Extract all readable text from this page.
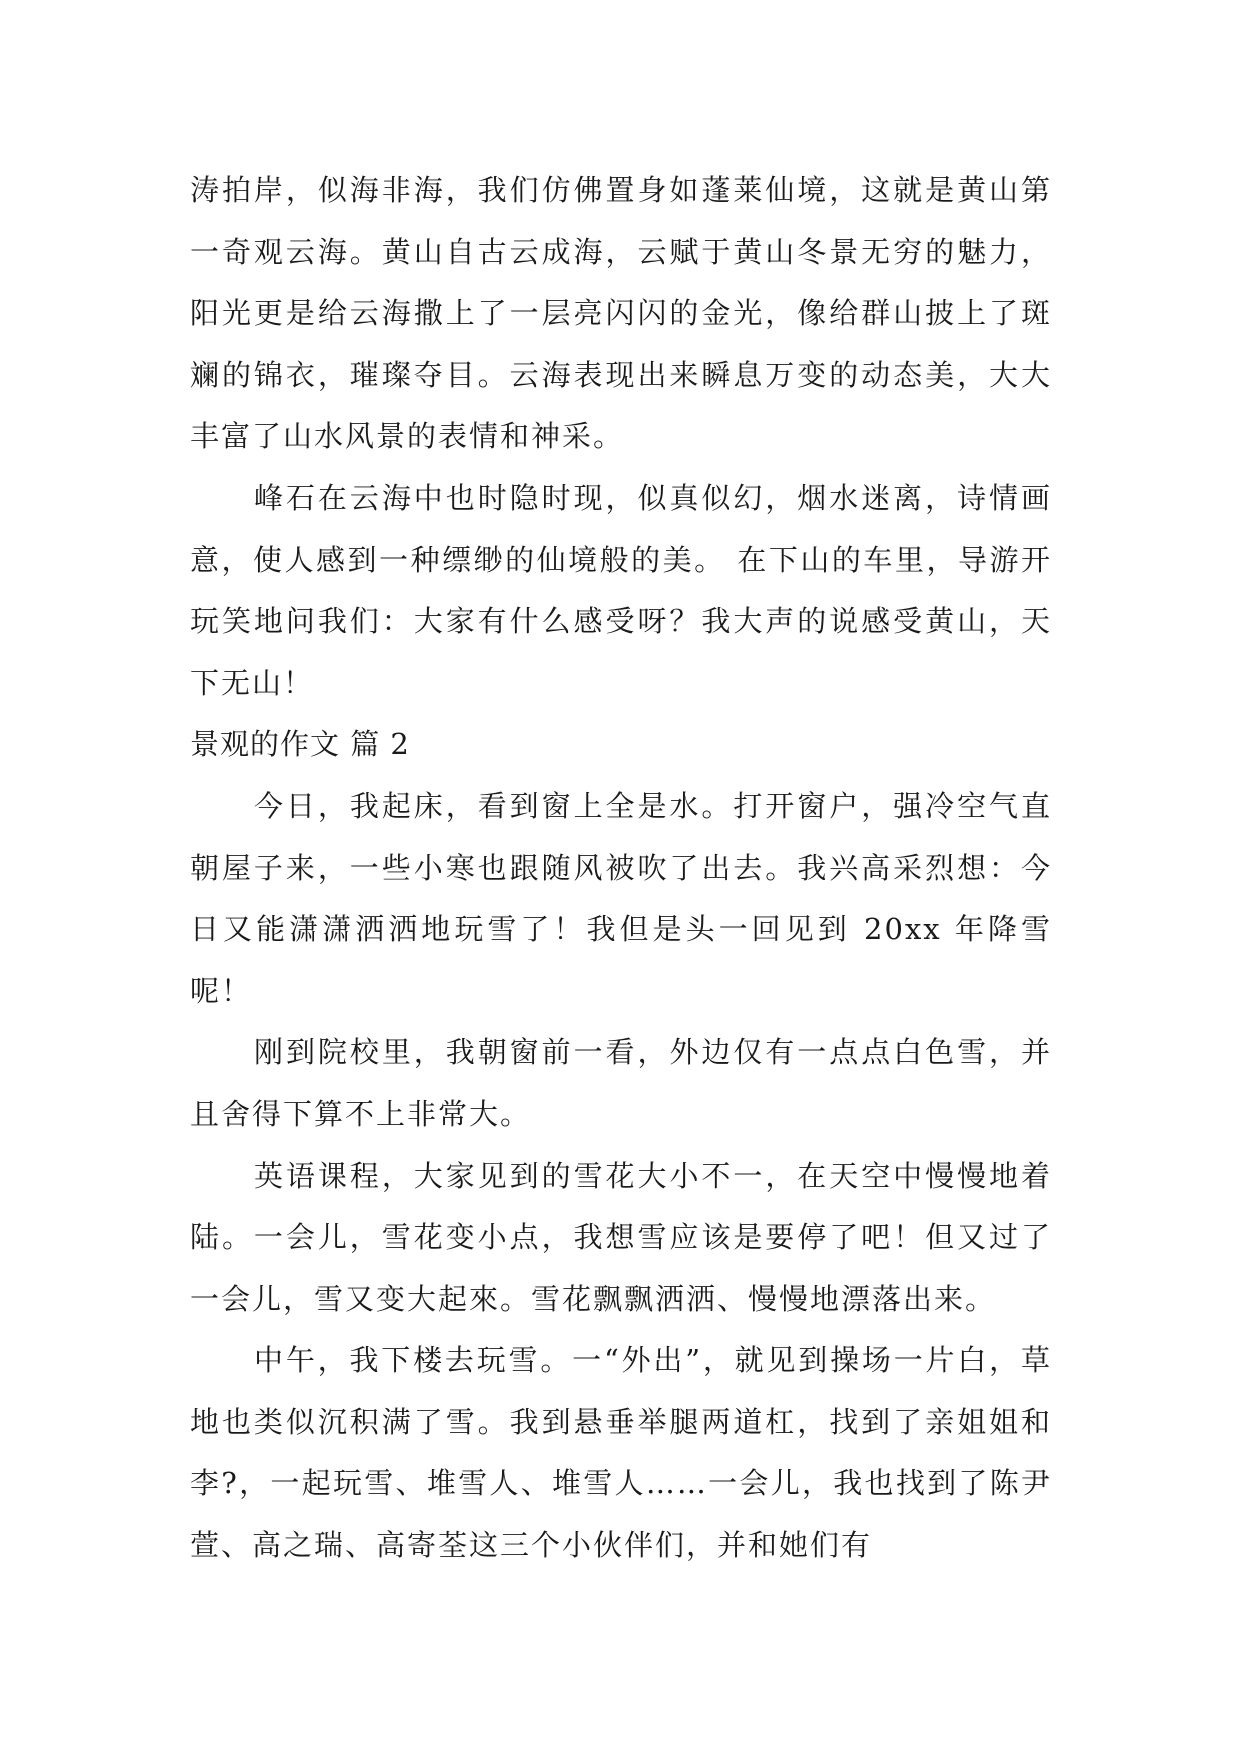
涛拍岸，似海非海，我们仿佛置身如蓬莱仙境，这就是黄山第一奇观云海。黄山自古云成海，云赋于黄山冬景无穷的魅力，阳光更是给云海撒上了一层亮闪闪的金光，像给群山披上了斑斓的锦衣，璀璨夺目。云海表现出来瞬息万变的动态美，大大丰富了山水风景的表情和神采。

峰石在云海中也时隐时现，似真似幻，烟水迷离，诗情画意，使人感到一种缥缈的仙境般的美。 在下山的车里，导游开玩笑地问我们：大家有什么感受呀？我大声的说感受黄山，天下无山！

景观的作文 篇 2

今日，我起床，看到窗上全是水。打开窗户，强冷空气直朝屋子来，一些小寒也跟随风被吹了出去。我兴高采烈想：今日又能潇潇洒洒地玩雪了！我但是头一回见到 20xx 年降雪呢！

刚到院校里，我朝窗前一看，外边仅有一点点白色雪，并且舍得下算不上非常大。

英语课程，大家见到的雪花大小不一，在天空中慢慢地着陆。一会儿，雪花变小点，我想雪应该是要停了吧！但又过了一会儿，雪又变大起來。雪花飘飘洒洒、慢慢地漂落出来。

中午，我下楼去玩雪。一“外出”，就见到操场一片白，草地也类似沉积满了雪。我到悬垂举腿两道杠，找到了亲姐姐和李?，一起玩雪、堆雪人、堆雪人……一会儿，我也找到了陈尹萱、高之瑞、高寄荃这三个小伙伴们，并和她们有
